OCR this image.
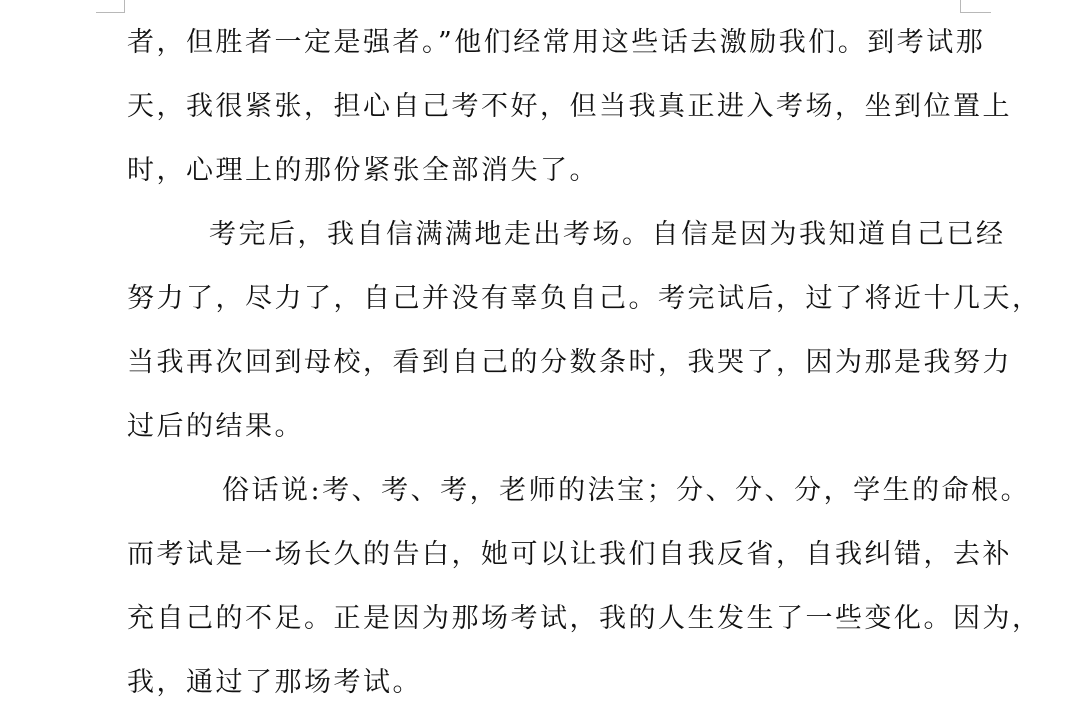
者，但胜者一定是强者。”他们经常用这些话去激励我们。到考试那
天，我很紧张，担心自己考不好，但当我真正进入考场，坐到位置上
时，心理上的那份紧张全部消失了。
考完后，我自信满满地走出考场。自信是因为我知道自己已经
努力了，尽力了，自己并没有辜负自己。考完试后，过了将近十几天，
当我再次回到母校，看到自己的分数条时，我哭了，因为那是我努力
过后的结果。
俗话说:考、考、考，老师的法宝；分、分、分，学生的命根。
而考试是一场长久的告白，她可以让我们自我反省，自我纠错，去补
充自己的不足。正是因为那场考试，我的人生发生了一些变化。因为，
我，通过了那场考试。
